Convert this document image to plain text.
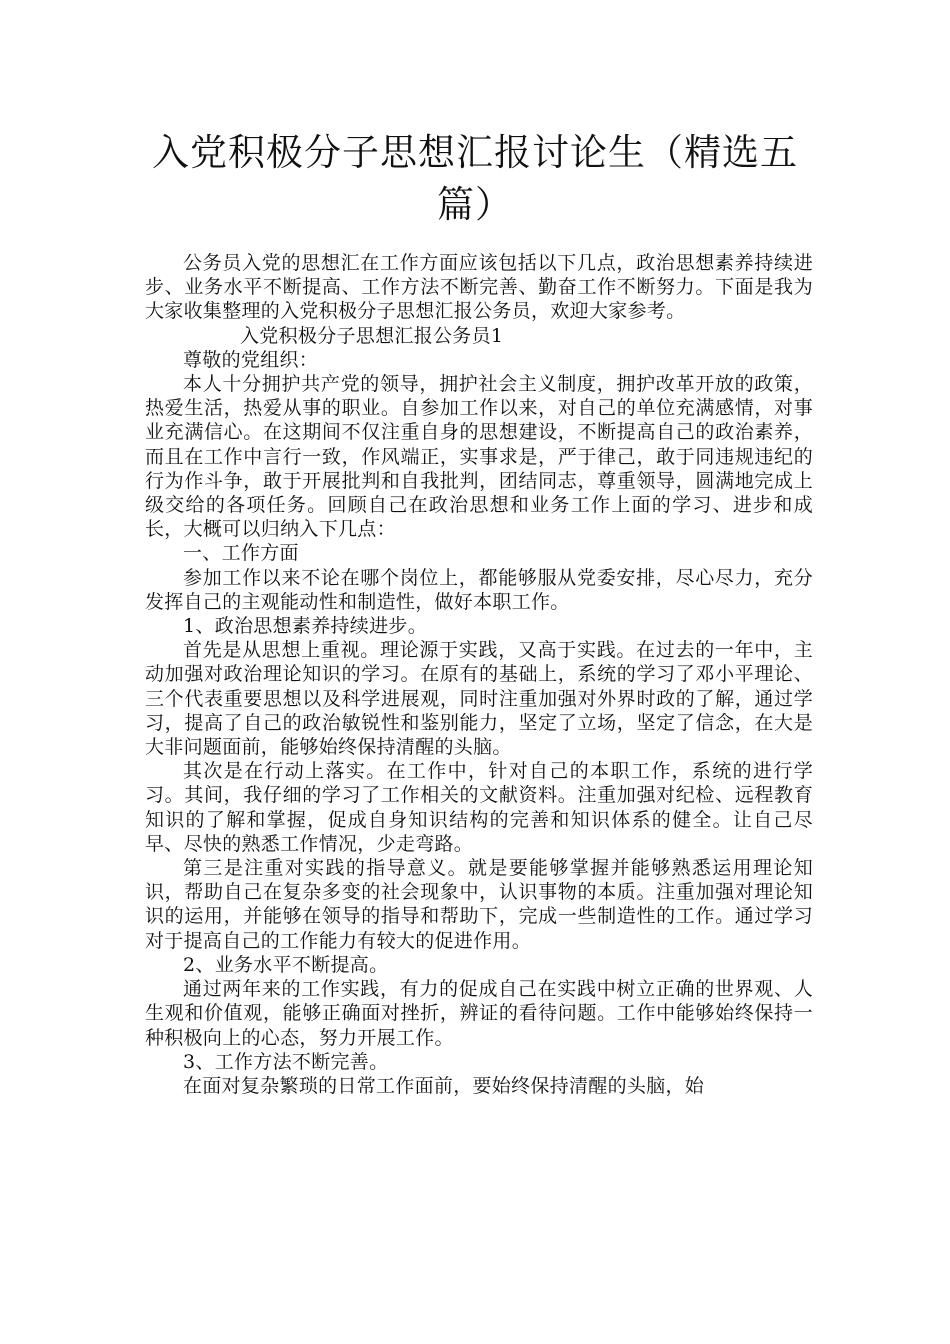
入党积极分子思想汇报讨论生（精选五篇）

公务员入党的思想汇在工作方面应该包括以下几点，政治思想素养持续进步、业务水平不断提高、工作方法不断完善、勤奋工作不断努力。下面是我为大家收集整理的入党积极分子思想汇报公务员，欢迎大家参考。

入党积极分子思想汇报公务员1

尊敬的党组织：

本人十分拥护共产党的领导，拥护社会主义制度，拥护改革开放的政策，热爱生活，热爱从事的职业。自参加工作以来，对自己的单位充满感情，对事业充满信心。在这期间不仅注重自身的思想建设，不断提高自己的政治素养，而且在工作中言行一致，作风端正，实事求是，严于律己，敢于同违规违纪的行为作斗争，敢于开展批判和自我批判，团结同志，尊重领导，圆满地完成上级交给的各项任务。回顾自己在政治思想和业务工作上面的学习、进步和成长，大概可以归纳入下几点：

一、工作方面

参加工作以来不论在哪个岗位上，都能够服从党委安排，尽心尽力，充分发挥自己的主观能动性和制造性，做好本职工作。

1、政治思想素养持续进步。

首先是从思想上重视。理论源于实践，又高于实践。在过去的一年中，主动加强对政治理论知识的学习。在原有的基础上，系统的学习了邓小平理论、三个代表重要思想以及科学进展观，同时注重加强对外界时政的了解，通过学习，提高了自己的政治敏锐性和鉴别能力，坚定了立场，坚定了信念，在大是大非问题面前，能够始终保持清醒的头脑。

其次是在行动上落实。在工作中，针对自己的本职工作，系统的进行学习。其间，我仔细的学习了工作相关的文献资料。注重加强对纪检、远程教育知识的了解和掌握，促成自身知识结构的完善和知识体系的健全。让自己尽早、尽快的熟悉工作情况，少走弯路。

第三是注重对实践的指导意义。就是要能够掌握并能够熟悉运用理论知识，帮助自己在复杂多变的社会现象中，认识事物的本质。注重加强对理论知识的运用，并能够在领导的指导和帮助下，完成一些制造性的工作。通过学习对于提高自己的工作能力有较大的促进作用。

2、业务水平不断提高。

通过两年来的工作实践，有力的促成自己在实践中树立正确的世界观、人生观和价值观，能够正确面对挫折，辨证的看待问题。工作中能够始终保持一种积极向上的心态，努力开展工作。

3、工作方法不断完善。

在面对复杂繁琐的日常工作面前，要始终保持清醒的头脑，始
